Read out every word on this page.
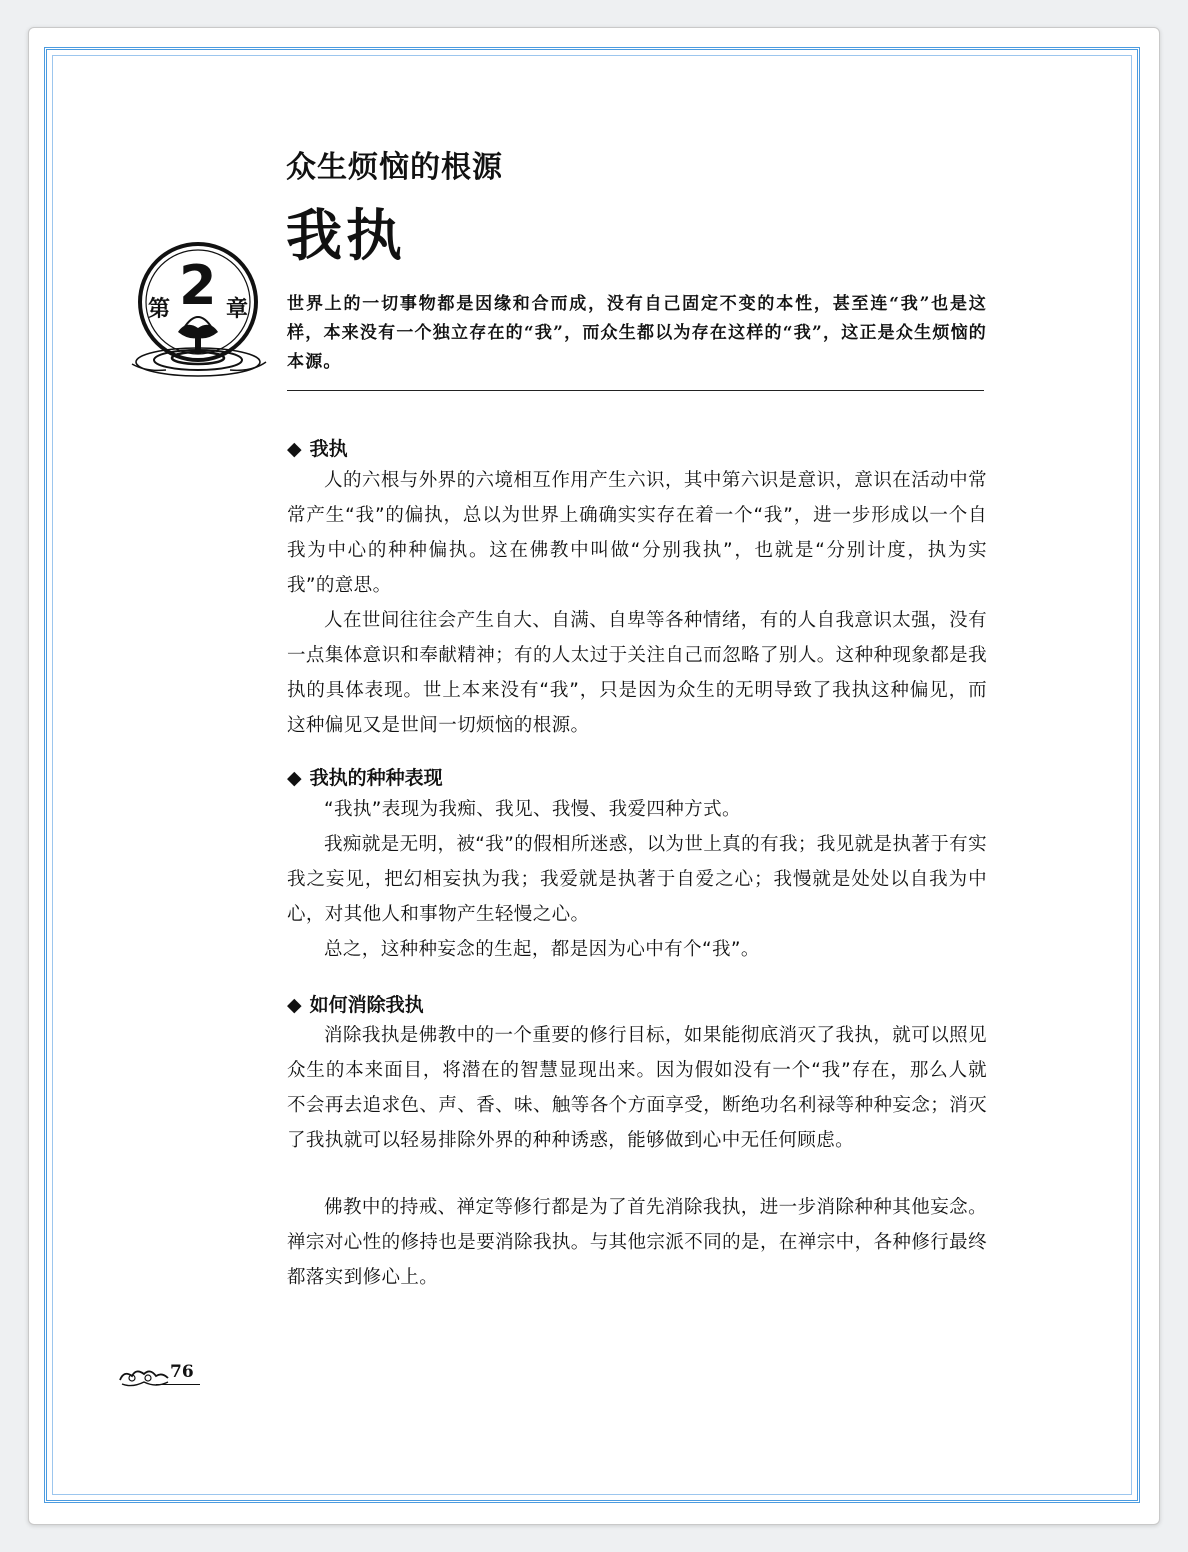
众生烦恼的根源
我执
第 2 章 世界上的一切事物都是因缘和合而成，没有自己固定不变的本性，甚至连“我”也是这样，本来没有一个独立存在的“我”，而众生都以为存在这样的“我”，这正是众生烦恼的本源。
◆ 我执
人的六根与外界的六境相互作用产生六识，其中第六识是意识，意识在活动中常常产生“我”的偏执，总以为世界上确确实实存在着一个“我”，进一步形成以一个自我为中心的种种偏执。这在佛教中叫做“分别我执”，也就是“分别计度，执为实我”的意思。
人在世间往往会产生自大、自满、自卑等各种情绪，有的人自我意识太强，没有一点集体意识和奉献精神；有的人太过于关注自己而忽略了别人。这种种现象都是我执的具体表现。世上本来没有“我”，只是因为众生的无明导致了我执这种偏见，而这种偏见又是世间一切烦恼的根源。
◆ 我执的种种表现
“我执”表现为我痴、我见、我慢、我爱四种方式。
我痴就是无明，被“我”的假相所迷惑，以为世上真的有我；我见就是执著于有实我之妄见，把幻相妄执为我；我爱就是执著于自爱之心；我慢就是处处以自我为中心，对其他人和事物产生轻慢之心。
总之，这种种妄念的生起，都是因为心中有个“我”。
◆ 如何消除我执
消除我执是佛教中的一个重要的修行目标，如果能彻底消灭了我执，就可以照见众生的本来面目，将潜在的智慧显现出来。因为假如没有一个“我”存在，那么人就不会再去追求色、声、香、味、触等各个方面享受，断绝功名利禄等种种妄念；消灭了我执就可以轻易排除外界的种种诱惑，能够做到心中无任何顾虑。
佛教中的持戒、禅定等修行都是为了首先消除我执，进一步消除种种其他妄念。禅宗对心性的修持也是要消除我执。与其他宗派不同的是，在禅宗中，各种修行最终都落实到修心上。
76
